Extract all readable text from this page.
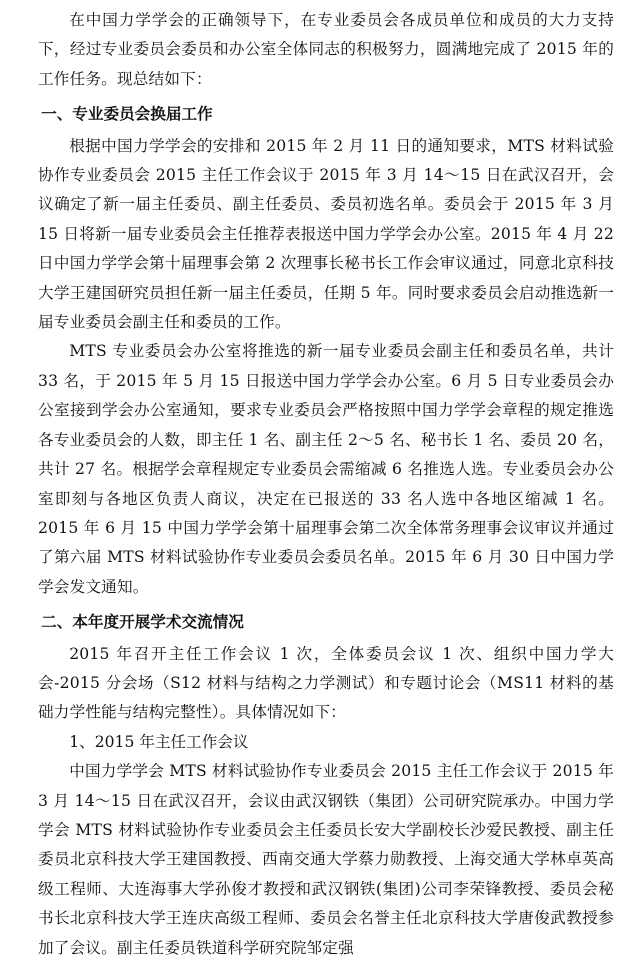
在中国力学学会的正确领导下，在专业委员会各成员单位和成员的大力支持下，经过专业委员会委员和办公室全体同志的积极努力，圆满地完成了 2015 年的工作任务。现总结如下：

一、专业委员会换届工作

根据中国力学学会的安排和 2015 年 2 月 11 日的通知要求，MTS 材料试验协作专业委员会 2015 主任工作会议于 2015 年 3 月 14～15 日在武汉召开，会议确定了新一届主任委员、副主任委员、委员初选名单。委员会于 2015 年 3 月 15 日将新一届专业委员会主任推荐表报送中国力学学会办公室。2015 年 4 月 22 日中国力学学会第十届理事会第 2 次理事长秘书长工作会审议通过，同意北京科技大学王建国研究员担任新一届主任委员，任期 5 年。同时要求委员会启动推选新一届专业委员会副主任和委员的工作。

MTS 专业委员会办公室将推选的新一届专业委员会副主任和委员名单，共计 33 名，于 2015 年 5 月 15 日报送中国力学学会办公室。6 月 5 日专业委员会办公室接到学会办公室通知，要求专业委员会严格按照中国力学学会章程的规定推选各专业委员会的人数，即主任 1 名、副主任 2～5 名、秘书长 1 名、委员 20 名，共计 27 名。根据学会章程规定专业委员会需缩减 6 名推选人选。专业委员会办公室即刻与各地区负责人商议，决定在已报送的 33 名人选中各地区缩减 1 名。2015 年 6 月 15 中国力学学会第十届理事会第二次全体常务理事会议审议并通过了第六届 MTS 材料试验协作专业委员会委员名单。2015 年 6 月 30 日中国力学学会发文通知。

二、本年度开展学术交流情况

2015 年召开主任工作会议 1 次，全体委员会议 1 次、组织中国力学大会-2015 分会场（S12 材料与结构之力学测试）和专题讨论会（MS11 材料的基础力学性能与结构完整性）。具体情况如下：

1、2015 年主任工作会议

中国力学学会 MTS 材料试验协作专业委员会 2015 主任工作会议于 2015 年 3 月 14～15 日在武汉召开，会议由武汉钢铁（集团）公司研究院承办。中国力学学会 MTS 材料试验协作专业委员会主任委员长安大学副校长沙爱民教授、副主任委员北京科技大学王建国教授、西南交通大学蔡力勋教授、上海交通大学林卓英高级工程师、大连海事大学孙俊才教授和武汉钢铁(集团)公司李荣锋教授、委员会秘书长北京科技大学王连庆高级工程师、委员会名誉主任北京科技大学唐俊武教授参加了会议。副主任委员铁道科学研究院邹定强
